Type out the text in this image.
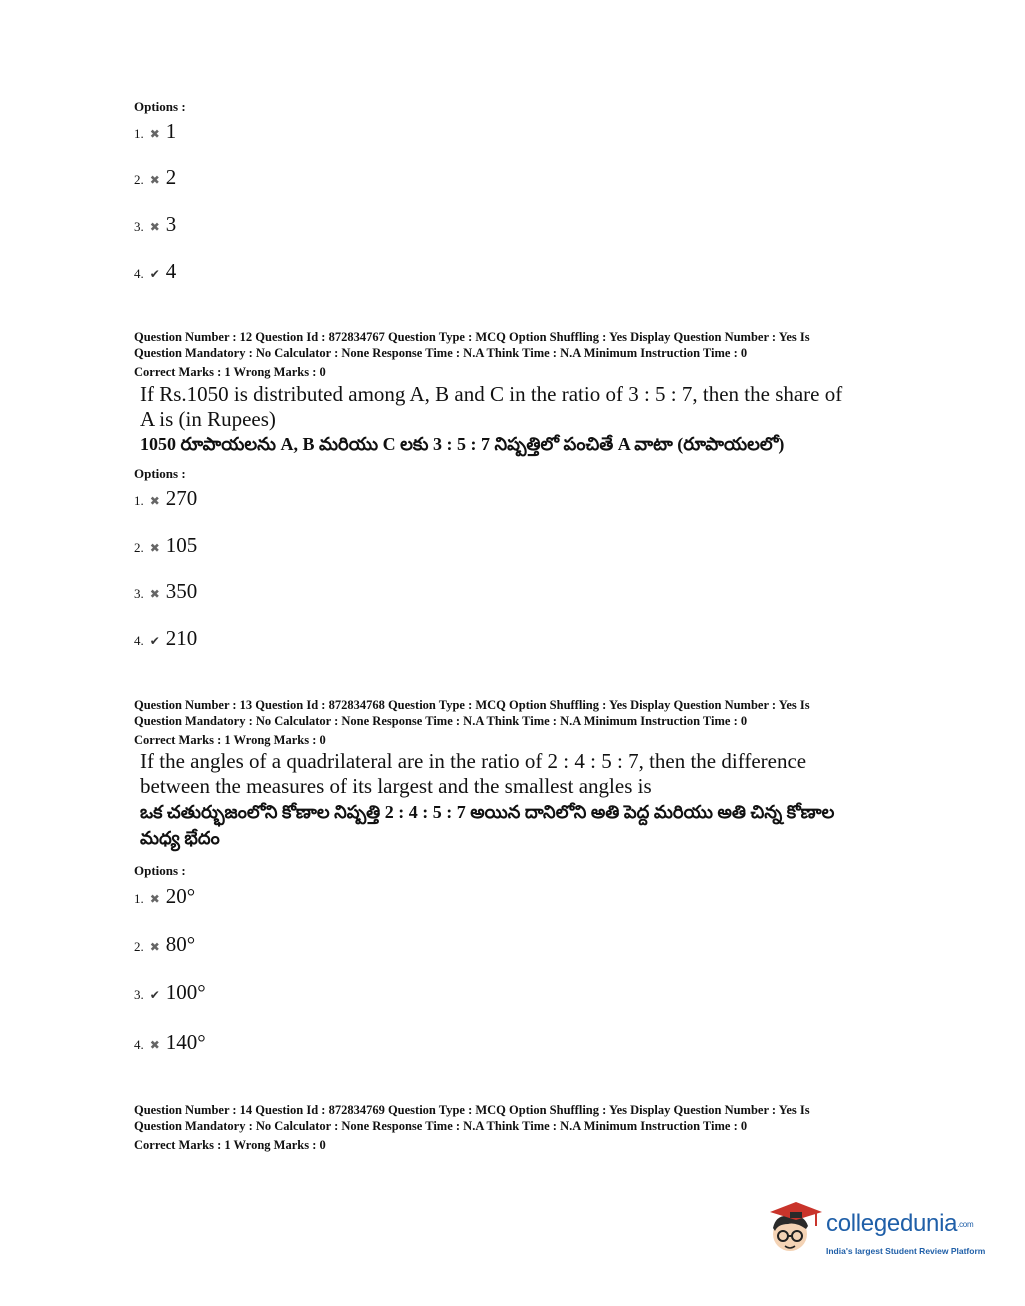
Options :
1. ✖ 1
2. ✖ 2
3. ✖ 3
4. ✔ 4
Question Number : 12 Question Id : 872834767 Question Type : MCQ Option Shuffling : Yes Display Question Number : Yes Is
Question Mandatory : No Calculator : None Response Time : N.A Think Time : N.A Minimum Instruction Time : 0
Correct Marks : 1 Wrong Marks : 0
If Rs.1050 is distributed among A, B and C in the ratio of 3 : 5 : 7, then the share of
A is (in Rupees)
1050 రూపాయలను A, B మరియు C లకు 3 : 5 : 7 నిష్పత్తిలో పంచితే A వాటా (రూపాయలలో)
Options :
1. ✖ 270
2. ✖ 105
3. ✖ 350
4. ✔ 210
Question Number : 13 Question Id : 872834768 Question Type : MCQ Option Shuffling : Yes Display Question Number : Yes Is
Question Mandatory : No Calculator : None Response Time : N.A Think Time : N.A Minimum Instruction Time : 0
Correct Marks : 1 Wrong Marks : 0
If the angles of a quadrilateral are in the ratio of 2 : 4 : 5 : 7, then the difference
between the measures of its largest and the smallest angles is
ఒక చతుర్భుజంలోని కోణాల నిష్పత్తి 2 : 4 : 5 : 7 అయిన దానిలోని అతి పెద్ద మరియు అతి చిన్న కోణాల
మధ్య భేదం
Options :
1. ✖ 20°
2. ✖ 80°
3. ✔ 100°
4. ✖ 140°
Question Number : 14 Question Id : 872834769 Question Type : MCQ Option Shuffling : Yes Display Question Number : Yes Is
Question Mandatory : No Calculator : None Response Time : N.A Think Time : N.A Minimum Instruction Time : 0
Correct Marks : 1 Wrong Marks : 0
collegedunia.com
India's largest Student Review Platform
